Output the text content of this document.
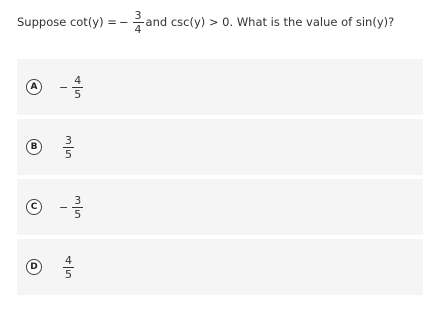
Suppose cot(y) = − $\frac{3}{4}$ and csc(y) > 0. What is the value of sin(y)?
A	− $\frac{4}{5}$
B	$\frac{3}{5}$
C	− $\frac{3}{5}$
D	$\frac{4}{5}$
